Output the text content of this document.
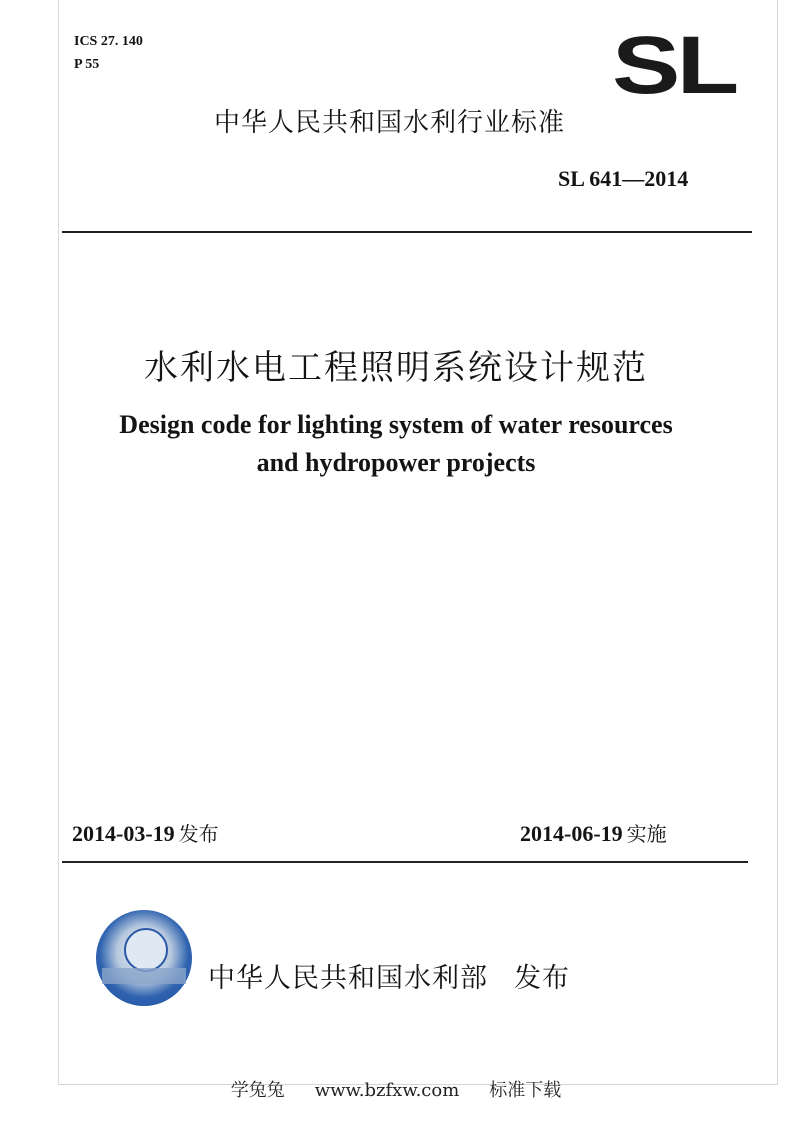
ICS 27. 140
P 55	SL
中华人民共和国水利行业标准
SL 641—2014
水利水电工程照明系统设计规范
Design code for lighting system of water resources
and hydropower projects
2014-03-19 发布	2014-06-19 实施
中华人民共和国水利部 发布
学兔兔 www.bzfxw.com 标准下载
